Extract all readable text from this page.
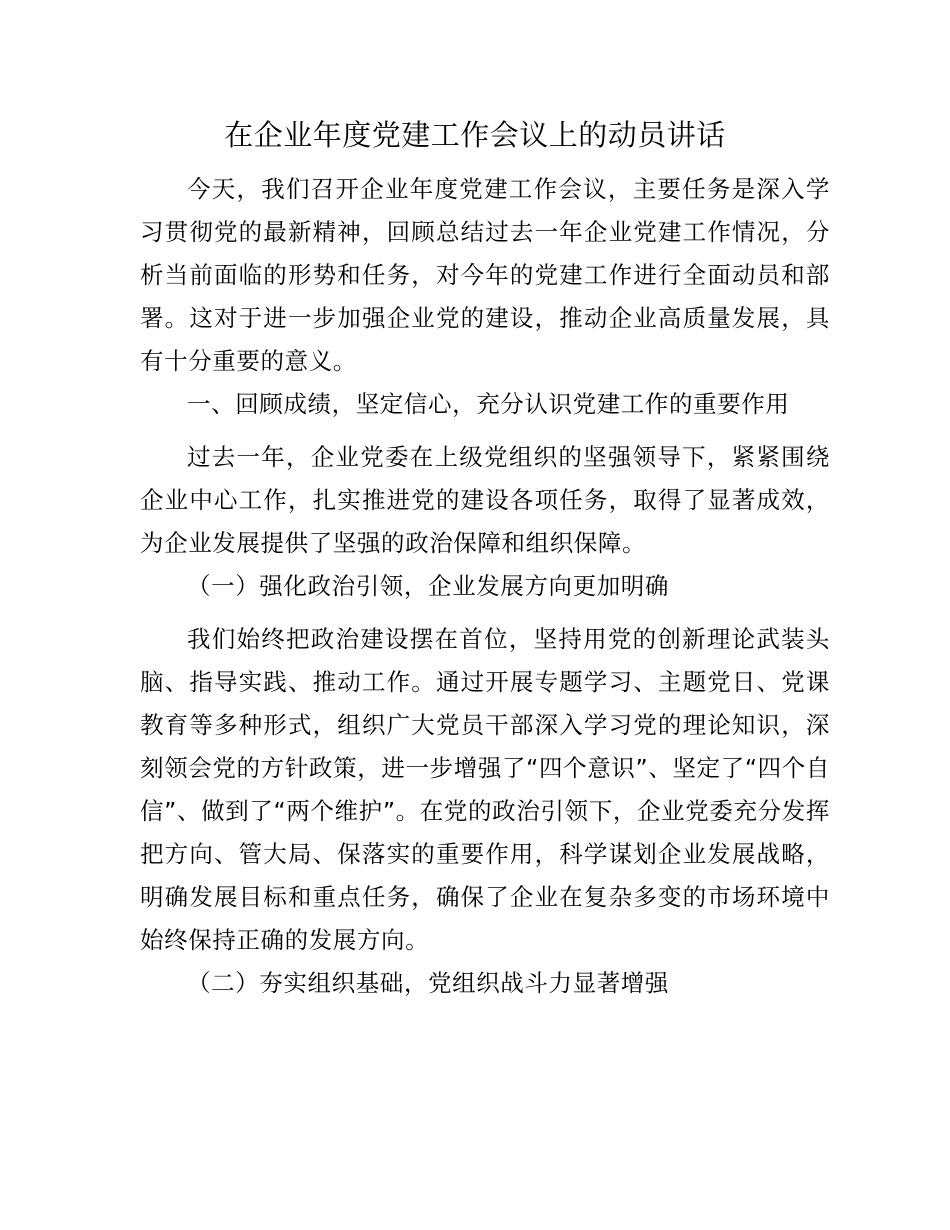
在企业年度党建工作会议上的动员讲话

今天，我们召开企业年度党建工作会议，主要任务是深入学习贯彻党的最新精神，回顾总结过去一年企业党建工作情况，分析当前面临的形势和任务，对今年的党建工作进行全面动员和部署。这对于进一步加强企业党的建设，推动企业高质量发展，具有十分重要的意义。

一、回顾成绩，坚定信心，充分认识党建工作的重要作用

过去一年，企业党委在上级党组织的坚强领导下，紧紧围绕企业中心工作，扎实推进党的建设各项任务，取得了显著成效，为企业发展提供了坚强的政治保障和组织保障。

（一）强化政治引领，企业发展方向更加明确

我们始终把政治建设摆在首位，坚持用党的创新理论武装头脑、指导实践、推动工作。通过开展专题学习、主题党日、党课教育等多种形式，组织广大党员干部深入学习党的理论知识，深刻领会党的方针政策，进一步增强了“四个意识”、坚定了“四个自信”、做到了“两个维护”。在党的政治引领下，企业党委充分发挥把方向、管大局、保落实的重要作用，科学谋划企业发展战略，明确发展目标和重点任务，确保了企业在复杂多变的市场环境中始终保持正确的发展方向。

（二）夯实组织基础，党组织战斗力显著增强
